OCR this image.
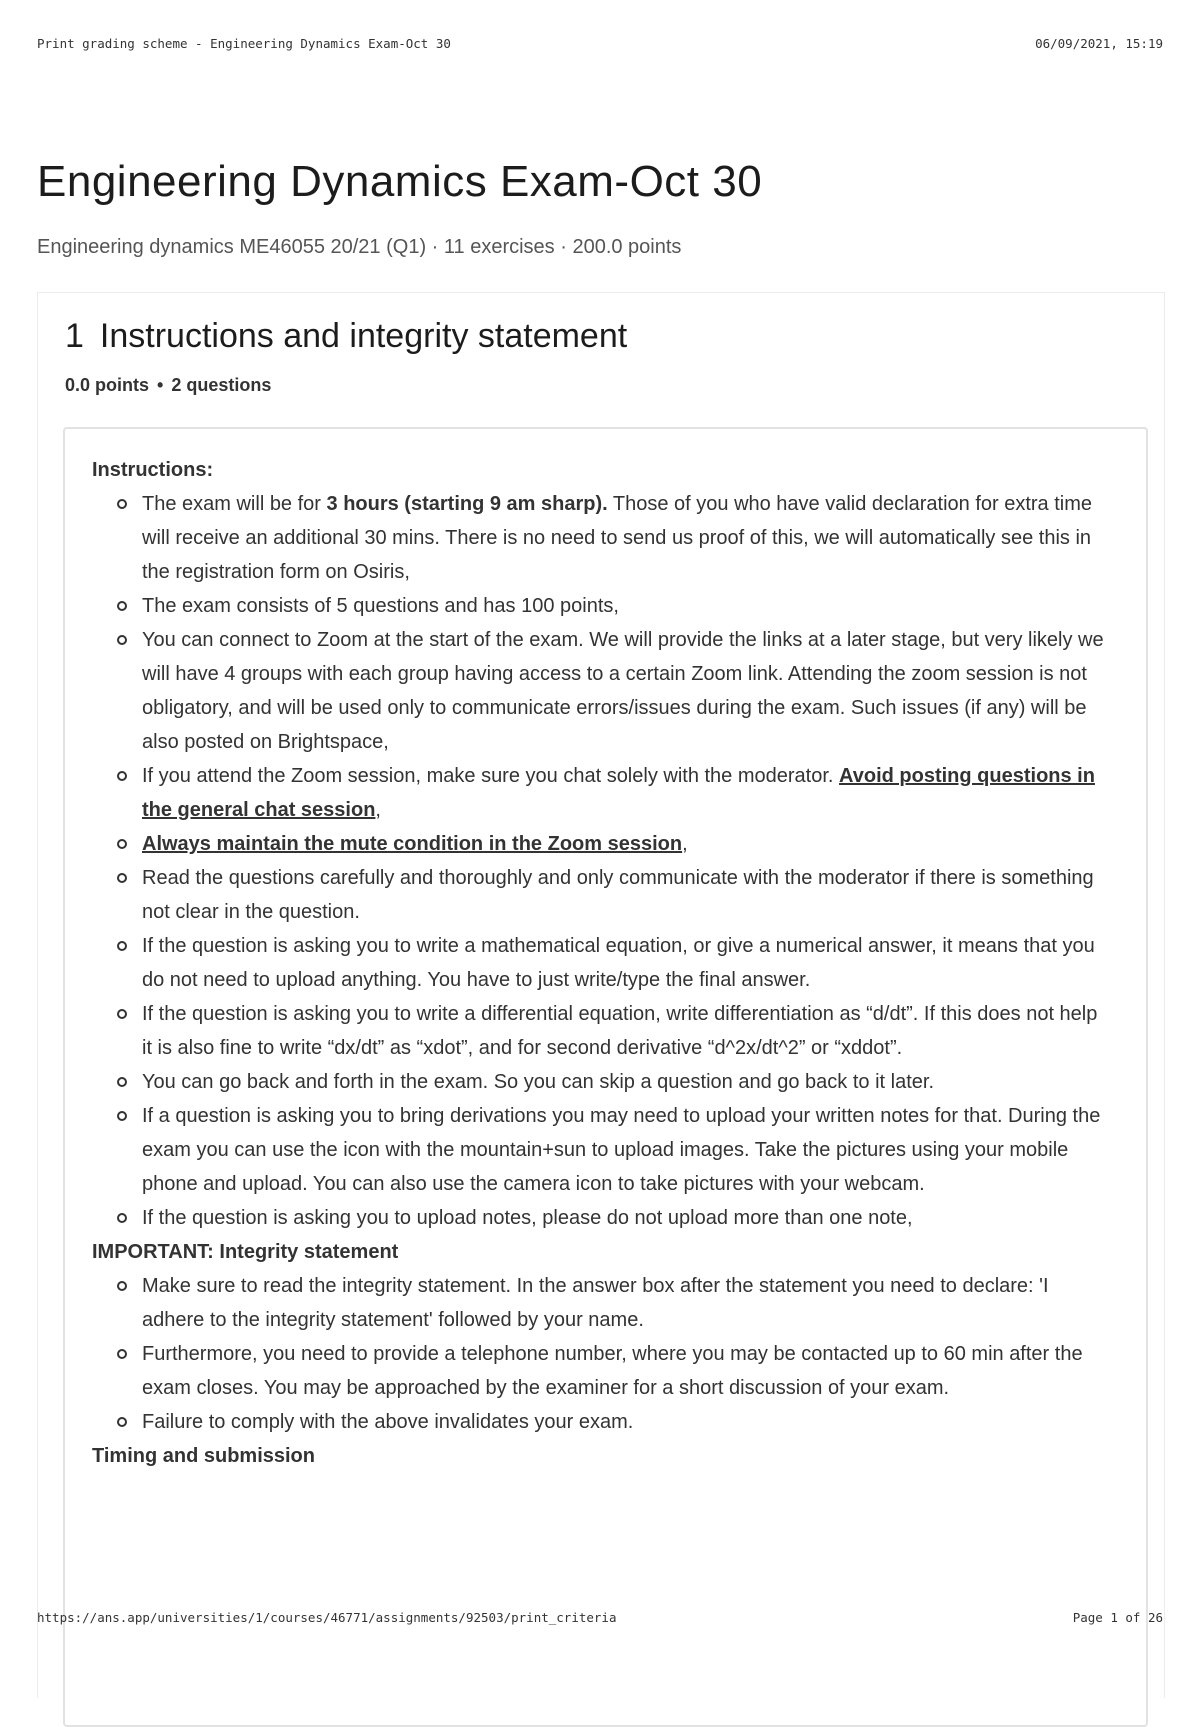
Print grading scheme - Engineering Dynamics Exam-Oct 30	06/09/2021, 15:19
Engineering Dynamics Exam-Oct 30
Engineering dynamics ME46055 20/21 (Q1) · 11 exercises · 200.0 points
1 Instructions and integrity statement
0.0 points • 2 questions
Instructions:
The exam will be for 3 hours (starting 9 am sharp). Those of you who have valid declaration for extra time will receive an additional 30 mins. There is no need to send us proof of this, we will automatically see this in the registration form on Osiris,
The exam consists of 5 questions and has 100 points,
You can connect to Zoom at the start of the exam. We will provide the links at a later stage, but very likely we will have 4 groups with each group having access to a certain Zoom link. Attending the zoom session is not obligatory, and will be used only to communicate errors/issues during the exam. Such issues (if any) will be also posted on Brightspace,
If you attend the Zoom session, make sure you chat solely with the moderator. Avoid posting questions in the general chat session,
Always maintain the mute condition in the Zoom session,
Read the questions carefully and thoroughly and only communicate with the moderator if there is something not clear in the question.
If the question is asking you to write a mathematical equation, or give a numerical answer, it means that you do not need to upload anything. You have to just write/type the final answer.
If the question is asking you to write a differential equation, write differentiation as “d/dt”. If this does not help it is also fine to write “dx/dt” as “xdot”, and for second derivative “d^2x/dt^2” or “xddot”.
You can go back and forth in the exam. So you can skip a question and go back to it later.
If a question is asking you to bring derivations you may need to upload your written notes for that. During the exam you can use the icon with the mountain+sun to upload images. Take the pictures using your mobile phone and upload. You can also use the camera icon to take pictures with your webcam.
If the question is asking you to upload notes, please do not upload more than one note,
IMPORTANT: Integrity statement
Make sure to read the integrity statement. In the answer box after the statement you need to declare: 'I adhere to the integrity statement' followed by your name.
Furthermore, you need to provide a telephone number, where you may be contacted up to 60 min after the exam closes. You may be approached by the examiner for a short discussion of your exam.
Failure to comply with the above invalidates your exam.
Timing and submission
https://ans.app/universities/1/courses/46771/assignments/92503/print_criteria	Page 1 of 26
